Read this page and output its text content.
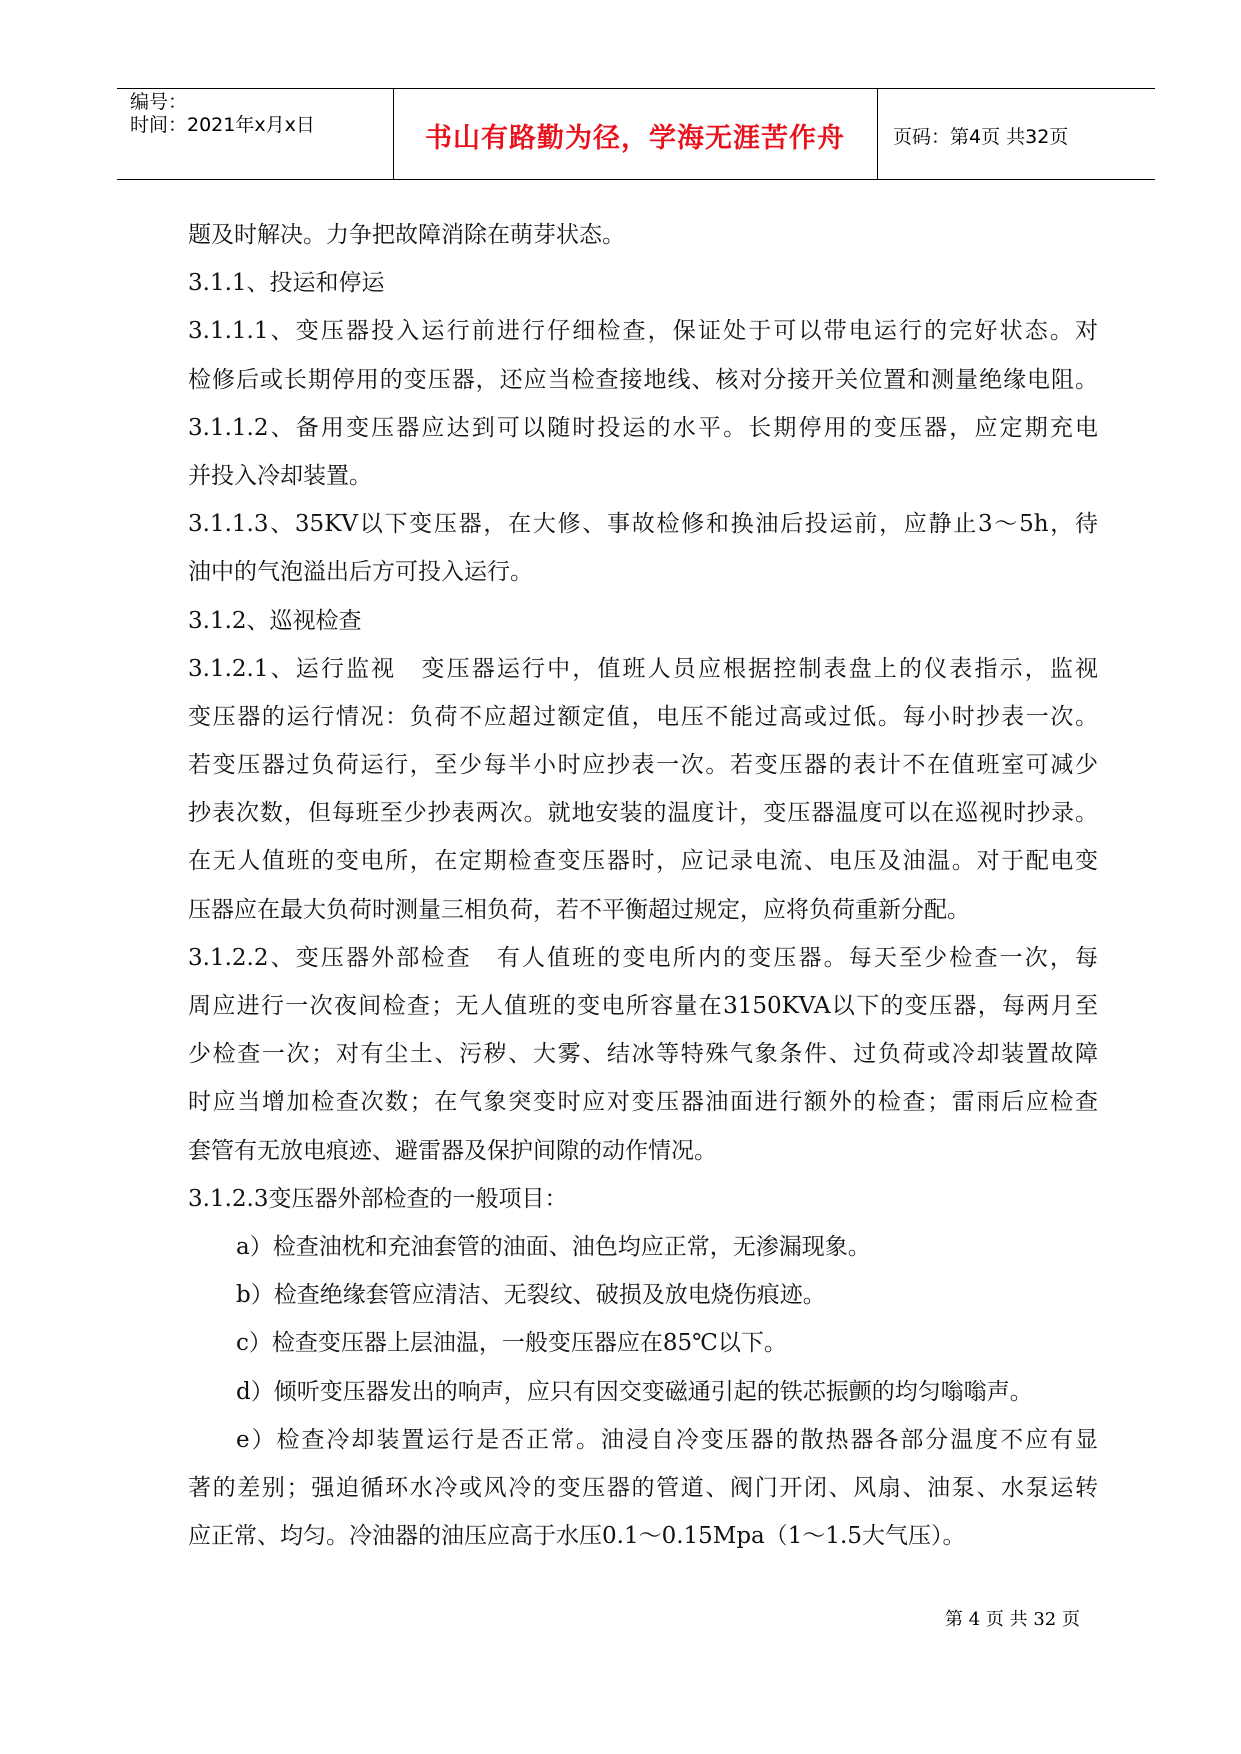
编号：
时间：2021年x月x日	书山有路勤为径，学海无涯苦作舟	页码：第4页 共32页
题及时解决。力争把故障消除在萌芽状态。
3.1.1、投运和停运
3.1.1.1、变压器投入运行前进行仔细检查，保证处于可以带电运行的完好状态。对
检修后或长期停用的变压器，还应当检查接地线、核对分接开关位置和测量绝缘电阻。
3.1.1.2、备用变压器应达到可以随时投运的水平。长期停用的变压器，应定期充电
并投入冷却装置。
3.1.1.3、35KV以下变压器，在大修、事故检修和换油后投运前，应静止3～5h，待
油中的气泡溢出后方可投入运行。
3.1.2、巡视检查
3.1.2.1、运行监视　变压器运行中，值班人员应根据控制表盘上的仪表指示，监视
变压器的运行情况：负荷不应超过额定值，电压不能过高或过低。每小时抄表一次。
若变压器过负荷运行，至少每半小时应抄表一次。若变压器的表计不在值班室可减少
抄表次数，但每班至少抄表两次。就地安装的温度计，变压器温度可以在巡视时抄录。
在无人值班的变电所，在定期检查变压器时，应记录电流、电压及油温。对于配电变
压器应在最大负荷时测量三相负荷，若不平衡超过规定，应将负荷重新分配。
3.1.2.2、变压器外部检查　有人值班的变电所内的变压器。每天至少检查一次，每
周应进行一次夜间检查；无人值班的变电所容量在3150KVA以下的变压器，每两月至
少检查一次；对有尘土、污秽、大雾、结冰等特殊气象条件、过负荷或冷却装置故障
时应当增加检查次数；在气象突变时应对变压器油面进行额外的检查；雷雨后应检查
套管有无放电痕迹、避雷器及保护间隙的动作情况。
3.1.2.3变压器外部检查的一般项目：
a）检查油枕和充油套管的油面、油色均应正常，无渗漏现象。
b）检查绝缘套管应清洁、无裂纹、破损及放电烧伤痕迹。
c）检查变压器上层油温，一般变压器应在85℃以下。
d）倾听变压器发出的响声，应只有因交变磁通引起的铁芯振颤的均匀嗡嗡声。
e）检查冷却装置运行是否正常。油浸自冷变压器的散热器各部分温度不应有显
著的差别；强迫循环水冷或风冷的变压器的管道、阀门开闭、风扇、油泵、水泵运转
应正常、均匀。冷油器的油压应高于水压0.1～0.15Mpa（1～1.5大气压）。
第 4 页 共 32 页
